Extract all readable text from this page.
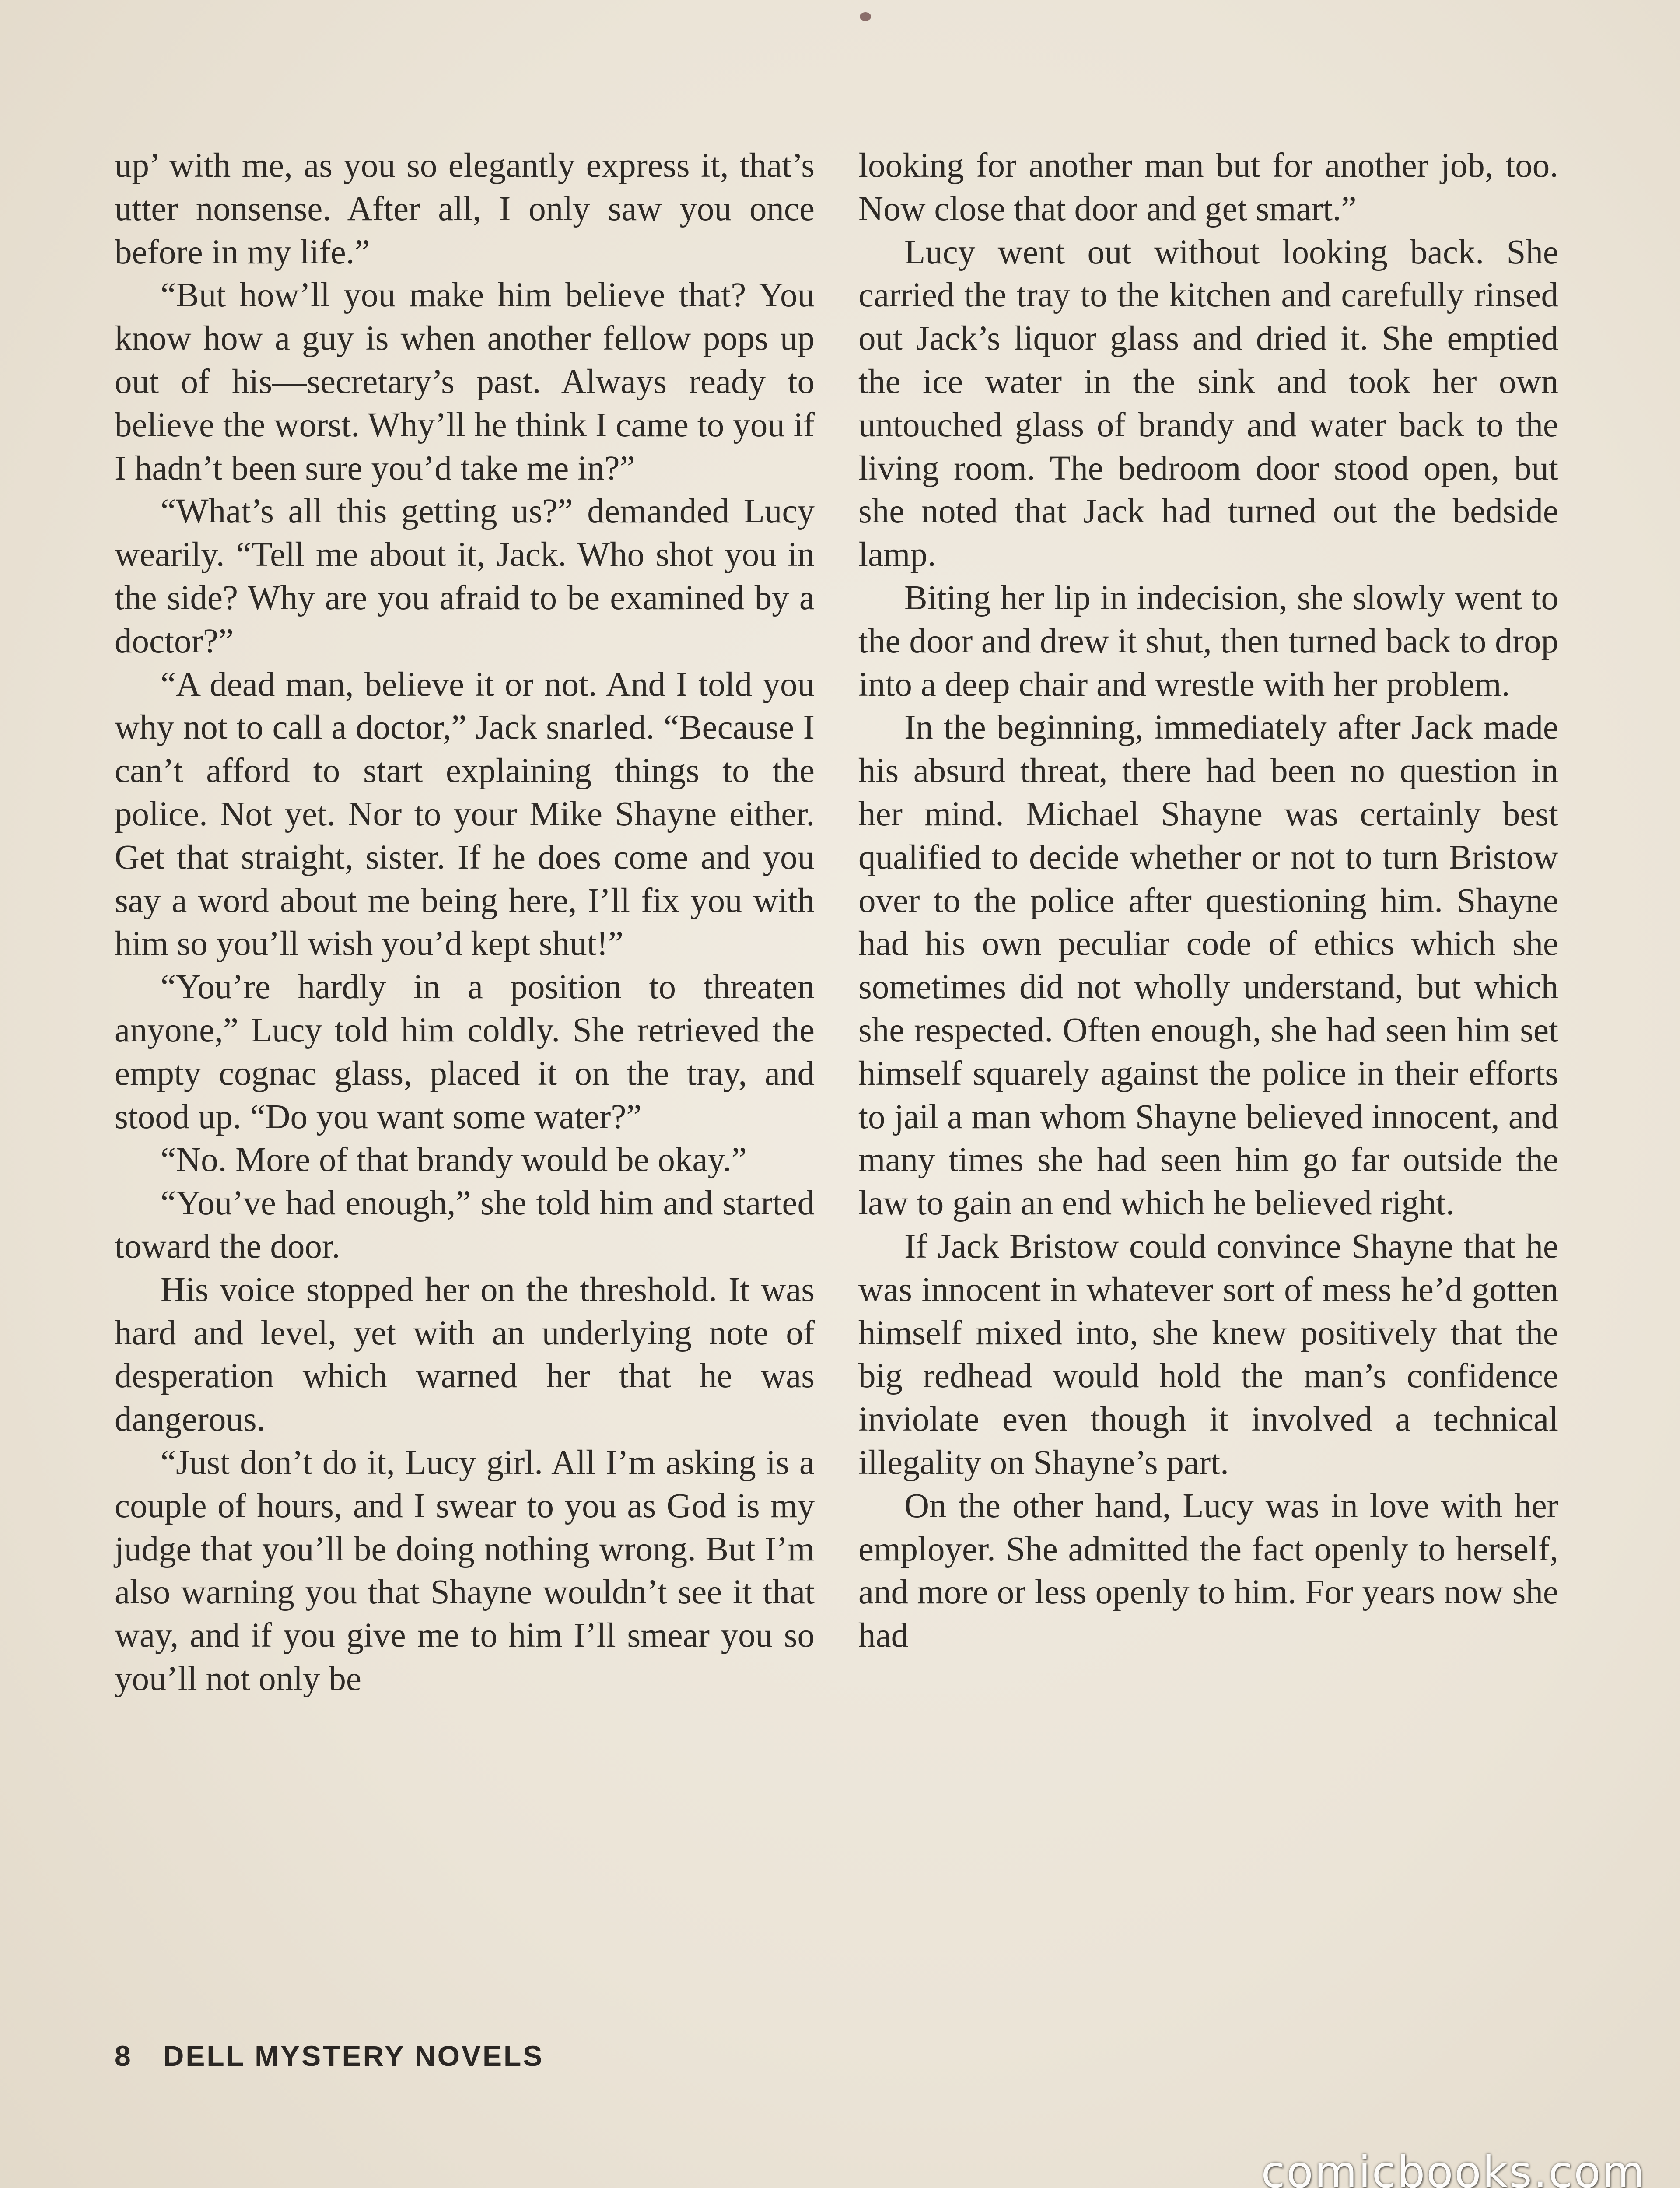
up’ with me, as you so elegantly express it, that’s utter nonsense. After all, I only saw you once before in my life.”

“But how’ll you make him believe that? You know how a guy is when another fellow pops up out of his—secretary’s past. Always ready to believe the worst. Why’ll he think I came to you if I hadn’t been sure you’d take me in?”

“What’s all this getting us?” demanded Lucy wearily. “Tell me about it, Jack. Who shot you in the side? Why are you afraid to be examined by a doctor?”

“A dead man, believe it or not. And I told you why not to call a doctor,” Jack snarled. “Because I can’t afford to start explaining things to the police. Not yet. Nor to your Mike Shayne either. Get that straight, sister. If he does come and you say a word about me being here, I’ll fix you with him so you’ll wish you’d kept shut!”

“You’re hardly in a position to threaten anyone,” Lucy told him coldly. She retrieved the empty cognac glass, placed it on the tray, and stood up. “Do you want some water?”

“No. More of that brandy would be okay.”

“You’ve had enough,” she told him and started toward the door.

His voice stopped her on the threshold. It was hard and level, yet with an underlying note of desperation which warned her that he was dangerous.

“Just don’t do it, Lucy girl. All I’m asking is a couple of hours, and I swear to you as God is my judge that you’ll be doing nothing wrong. But I’m also warning you that Shayne wouldn’t see it that way, and if you give me to him I’ll smear you so you’ll not only be

looking for another man but for another job, too. Now close that door and get smart.”

Lucy went out without looking back. She carried the tray to the kitchen and carefully rinsed out Jack’s liquor glass and dried it. She emptied the ice water in the sink and took her own untouched glass of brandy and water back to the living room. The bedroom door stood open, but she noted that Jack had turned out the bedside lamp.

Biting her lip in indecision, she slowly went to the door and drew it shut, then turned back to drop into a deep chair and wrestle with her problem.

In the beginning, immediately after Jack made his absurd threat, there had been no question in her mind. Michael Shayne was certainly best qualified to decide whether or not to turn Bristow over to the police after questioning him. Shayne had his own peculiar code of ethics which she sometimes did not wholly understand, but which she respected. Often enough, she had seen him set himself squarely against the police in their efforts to jail a man whom Shayne believed innocent, and many times she had seen him go far outside the law to gain an end which he believed right.

If Jack Bristow could convince Shayne that he was innocent in whatever sort of mess he’d gotten himself mixed into, she knew positively that the big redhead would hold the man’s confidence inviolate even though it involved a technical illegality on Shayne’s part.

On the other hand, Lucy was in love with her employer. She admitted the fact openly to herself, and more or less openly to him. For years now she had

8 DELL MYSTERY NOVELS
comicbooks.com
